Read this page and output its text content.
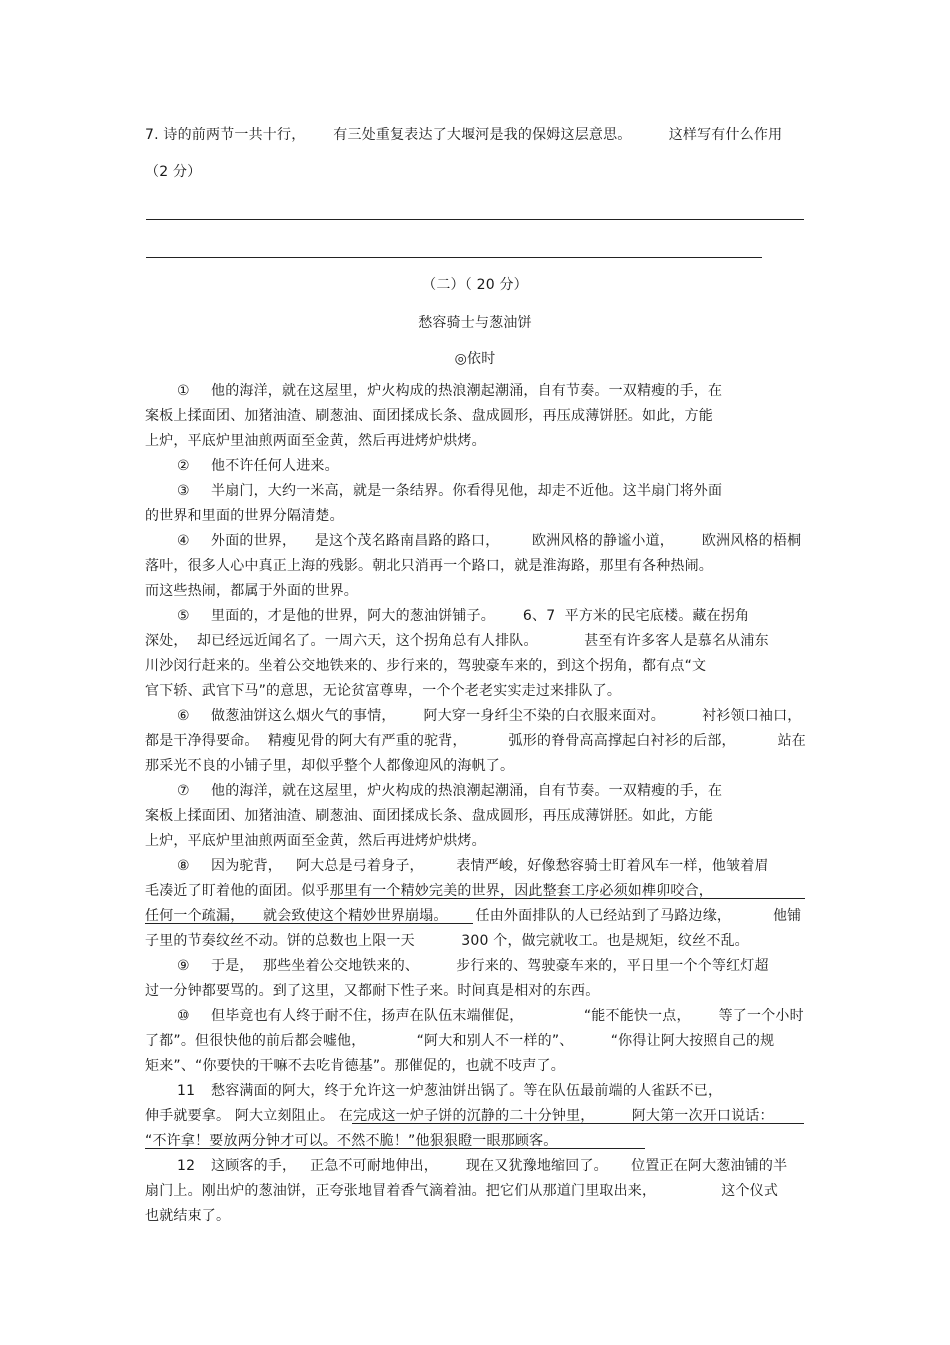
7. 诗的前两节一共十行，      有三处重复表达了大堰河是我的保姆这层意思。        这样写有什么作用
（2 分）
（二）（ 20 分）
愁容骑士与葱油饼
◎依时
① 他的海洋，就在这屋里，炉火构成的热浪潮起潮涌，自有节奏。一双精瘦的手，在
案板上揉面团、加猪油渣、刷葱油、面团揉成长条、盘成圆形，再压成薄饼胚。如此，方能
上炉，平底炉里油煎两面至金黄，然后再进烤炉烘烤。
② 他不许任何人进来。
③ 半扇门，大约一米高，就是一条结界。你看得见他，却走不近他。这半扇门将外面
的世界和里面的世界分隔清楚。
④ 外面的世界，    是这个茂名路南昌路的路口，       欧洲风格的静谧小道，      欧洲风格的梧桐
落叶，很多人心中真正上海的残影。朝北只消再一个路口，就是淮海路，那里有各种热闹。
而这些热闹，都属于外面的世界。
⑤ 里面的，才是他的世界，阿大的葱油饼铺子。      6、7  平方米的民宅底楼。藏在拐角
深处，  却已经远近闻名了。一周六天，这个拐角总有人排队。          甚至有许多客人是慕名从浦东
川沙闵行赶来的。坐着公交地铁来的、步行来的，驾驶豪车来的，到这个拐角，都有点“文
官下轿、武官下马”的意思，无论贫富尊卑，一个个老老实实走过来排队了。
⑥ 做葱油饼这么烟火气的事情，      阿大穿一身纤尘不染的白衣服来面对。        衬衫领口袖口，
都是干净得要命。  精瘦见骨的阿大有严重的驼背，         弧形的脊骨高高撑起白衬衫的后部，         站在
那采光不良的小铺子里，却似乎整个人都像迎风的海帆了。
⑦ 他的海洋，就在这屋里，炉火构成的热浪潮起潮涌，自有节奏。一双精瘦的手，在
案板上揉面团、加猪油渣、刷葱油、面团揉成长条、盘成圆形，再压成薄饼胚。如此，方能
上炉，平底炉里油煎两面至金黄，然后再进烤炉烘烤。
⑧ 因为驼背，   阿大总是弓着身子，       表情严峻，好像愁容骑士盯着风车一样，他皱着眉
毛凑近了盯着他的面团。似乎那里有一个精妙完美的世界，因此整套工序必须如榫卯咬合，
任何一个疏漏，    就会致使这个精妙世界崩塌。      任由外面排队的人已经站到了马路边缘，         他铺
子里的节奏纹丝不动。饼的总数也上限一天          300 个，做完就收工。也是规矩，纹丝不乱。
⑨ 于是，  那些坐着公交地铁来的、        步行来的、驾驶豪车来的，平日里一个个等红灯超
过一分钟都要骂的。到了这里，又都耐下性子来。时间真是相对的东西。
⑩ 但毕竟也有人终于耐不住，扬声在队伍末端催促，             “能不能快一点，      等了一个小时
了都”。但很快他的前后都会嘘他，           “阿大和别人不一样的”、        “你得让阿大按照自己的规
矩来”、“你要快的干嘛不去吃肯德基”。那催促的，也就不吱声了。
11 愁容满面的阿大，终于允许这一炉葱油饼出锅了。等在队伍最前端的人雀跃不已，
伸手就要拿。 阿大立刻阻止。 在完成这一炉子饼的沉静的二十分钟里，        阿大第一次开口说话：
“不许拿！要放两分钟才可以。不然不脆！”他狠狠瞪一眼那顾客。
12 这顾客的手，   正急不可耐地伸出，      现在又犹豫地缩回了。     位置正在阿大葱油铺的半
扇门上。刚出炉的葱油饼，正夸张地冒着香气滴着油。把它们从那道门里取出来，              这个仪式
也就结束了。
